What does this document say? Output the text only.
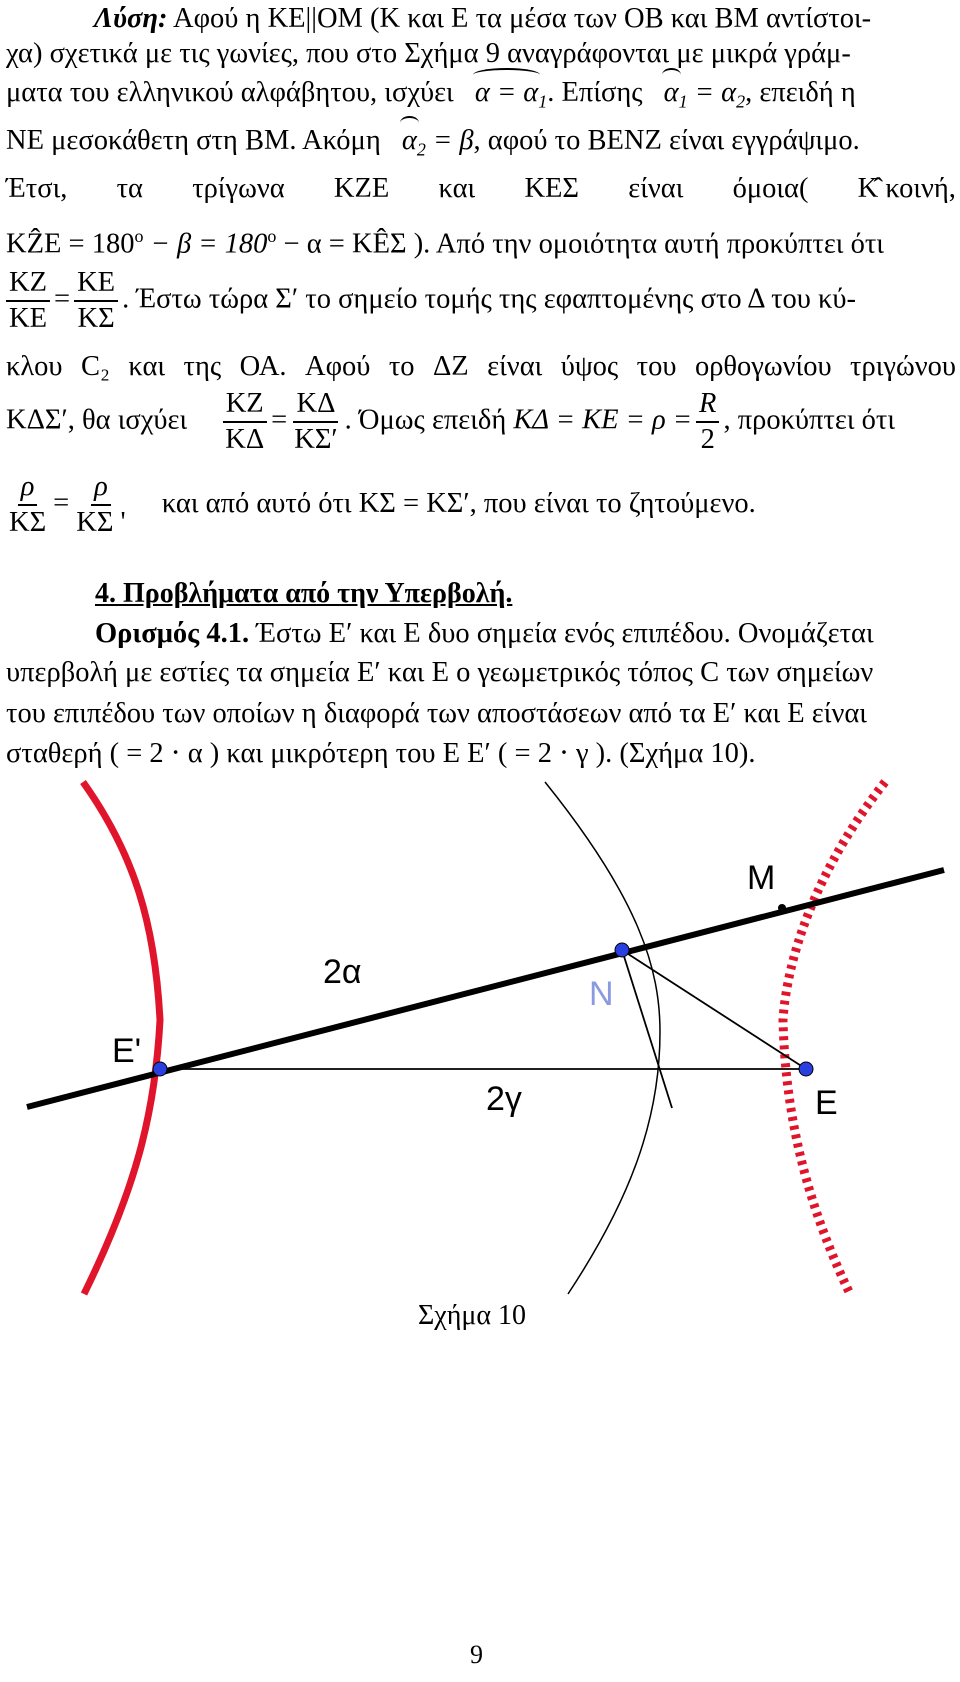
Λύση: Αφού η ΚΕ||ΟΜ (Κ και Ε τα μέσα των ΟΒ και ΒΜ αντίστοι-
χα) σχετικά με τις γωνίες, που στο Σχήμα 9 αναγράφονται με μικρά γράμ-
ματα του ελληνικού αλφάβητου, ισχύει $\alpha = \alpha_1$. Επίσης $\alpha_1 = \alpha_2$, επειδή η
ΝΕ μεσοκάθετη στη ΒΜ. Ακόμη $\alpha_2 = \beta$, αφού το ΒΕΝΖ είναι εγγράψιμο.
Έτσι, τα τρίγωνα ΚΖΕ και ΚΕΣ είναι όμοια( Κ̂ κοινή,
ΚẐΕ = $180^o - \beta = 180^o - \alpha$ = ΚÊΣ ). Από την ομοιότητα αυτή προκύπτει ότι
$\frac{KZ}{KE} = \frac{KE}{K\Sigma}$ . Έστω τώρα Σ′ το σημείο τομής της εφαπτομένης στο Δ του κύ-
κλου C₂ και της ΟΑ. Αφού το ΔΖ είναι ύψος του ορθογωνίου τριγώνου
ΚΔΣ′, θα ισχύει $\frac{KZ}{K\Delta} = \frac{K\Delta}{K\Sigma'}$ . Όμως επειδή $K\Delta = KE = \rho = \frac{R}{2}$ , προκύπτει ότι
$\frac{\rho}{K\Sigma} = \frac{\rho}{K\Sigma '}$ και από αυτό ότι ΚΣ = ΚΣ′, που είναι το ζητούμενο.
4. Προβλήματα από την Υπερβολή.
Ορισμός 4.1. Έστω E′ και Ε δυο σημεία ενός επιπέδου. Ονομάζεται
υπερβολή με εστίες τα σημεία E′ και E ο γεωμετρικός τόπος C των σημείων
του επιπέδου των οποίων η διαφορά των αποστάσεων από τα E′ και E είναι
σταθερή ( = 2 ⋅ α ) και μικρότερη του E E′ ( = 2 ⋅ γ ). (Σχήμα 10).
M
2α
N
E'
2γ	E
Σχήμα 10
9
